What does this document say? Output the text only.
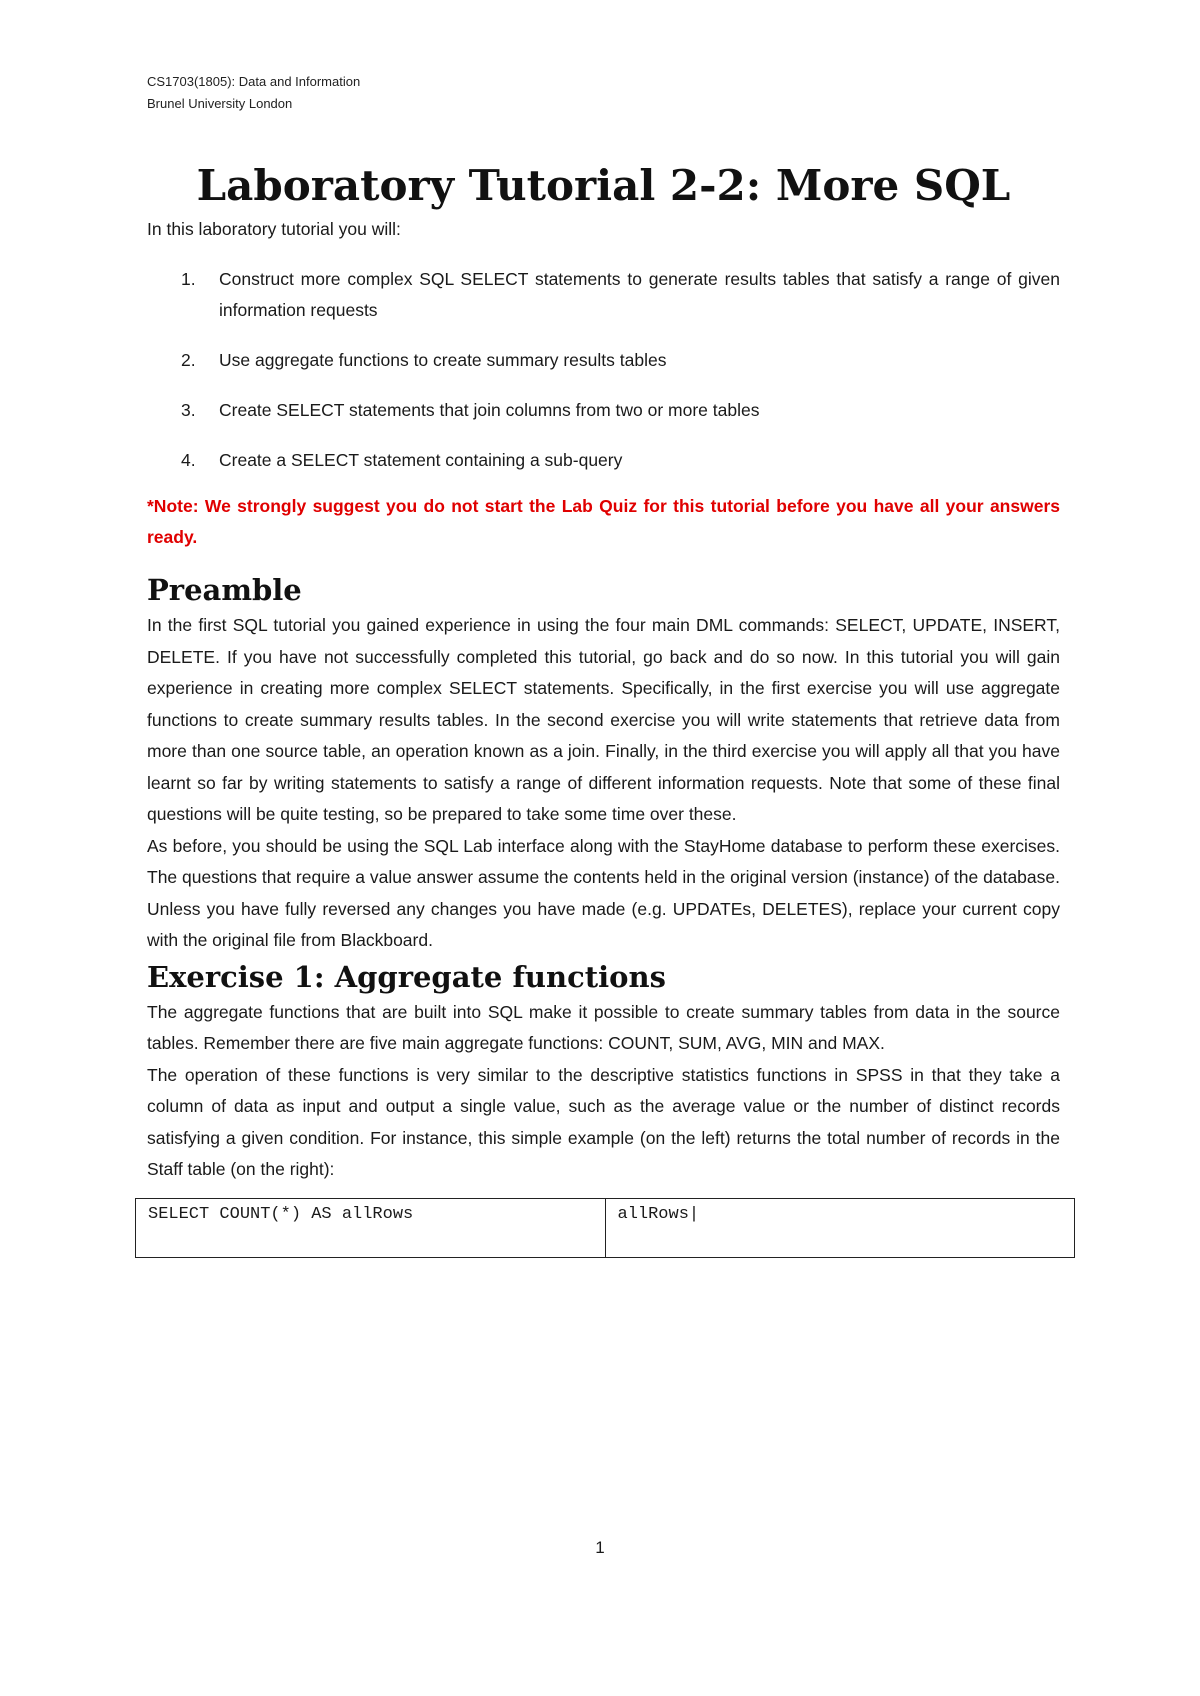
CS1703(1805): Data and Information
Brunel University London
Laboratory Tutorial 2-2: More SQL

In this laboratory tutorial you will:

1.	Construct more complex SQL SELECT statements to generate results tables that satisfy a range of given information requests
2.	Use aggregate functions to create summary results tables
3.	Create SELECT statements that join columns from two or more tables
4.	Create a SELECT statement containing a sub-query

*Note: We strongly suggest you do not start the Lab Quiz for this tutorial before you have all your answers ready.

Preamble

In the first SQL tutorial you gained experience in using the four main DML commands: SELECT, UPDATE, INSERT, DELETE. If you have not successfully completed this tutorial, go back and do so now. In this tutorial you will gain experience in creating more complex SELECT statements. Specifically, in the first exercise you will use aggregate functions to create summary results tables. In the second exercise you will write statements that retrieve data from more than one source table, an operation known as a join. Finally, in the third exercise you will apply all that you have learnt so far by writing statements to satisfy a range of different information requests. Note that some of these final questions will be quite testing, so be prepared to take some time over these.

As before, you should be using the SQL Lab interface along with the StayHome database to perform these exercises. The questions that require a value answer assume the contents held in the original version (instance) of the database. Unless you have fully reversed any changes you have made (e.g. UPDATEs, DELETES), replace your current copy with the original file from Blackboard.

Exercise 1: Aggregate functions

The aggregate functions that are built into SQL make it possible to create summary tables from data in the source tables. Remember there are five main aggregate functions: COUNT, SUM, AVG, MIN and MAX.

The operation of these functions is very similar to the descriptive statistics functions in SPSS in that they take a column of data as input and output a single value, such as the average value or the number of distinct records satisfying a given condition. For instance, this simple example (on the left) returns the total number of records in the Staff table (on the right):

SELECT COUNT(*) AS allRows	allRows|
1
